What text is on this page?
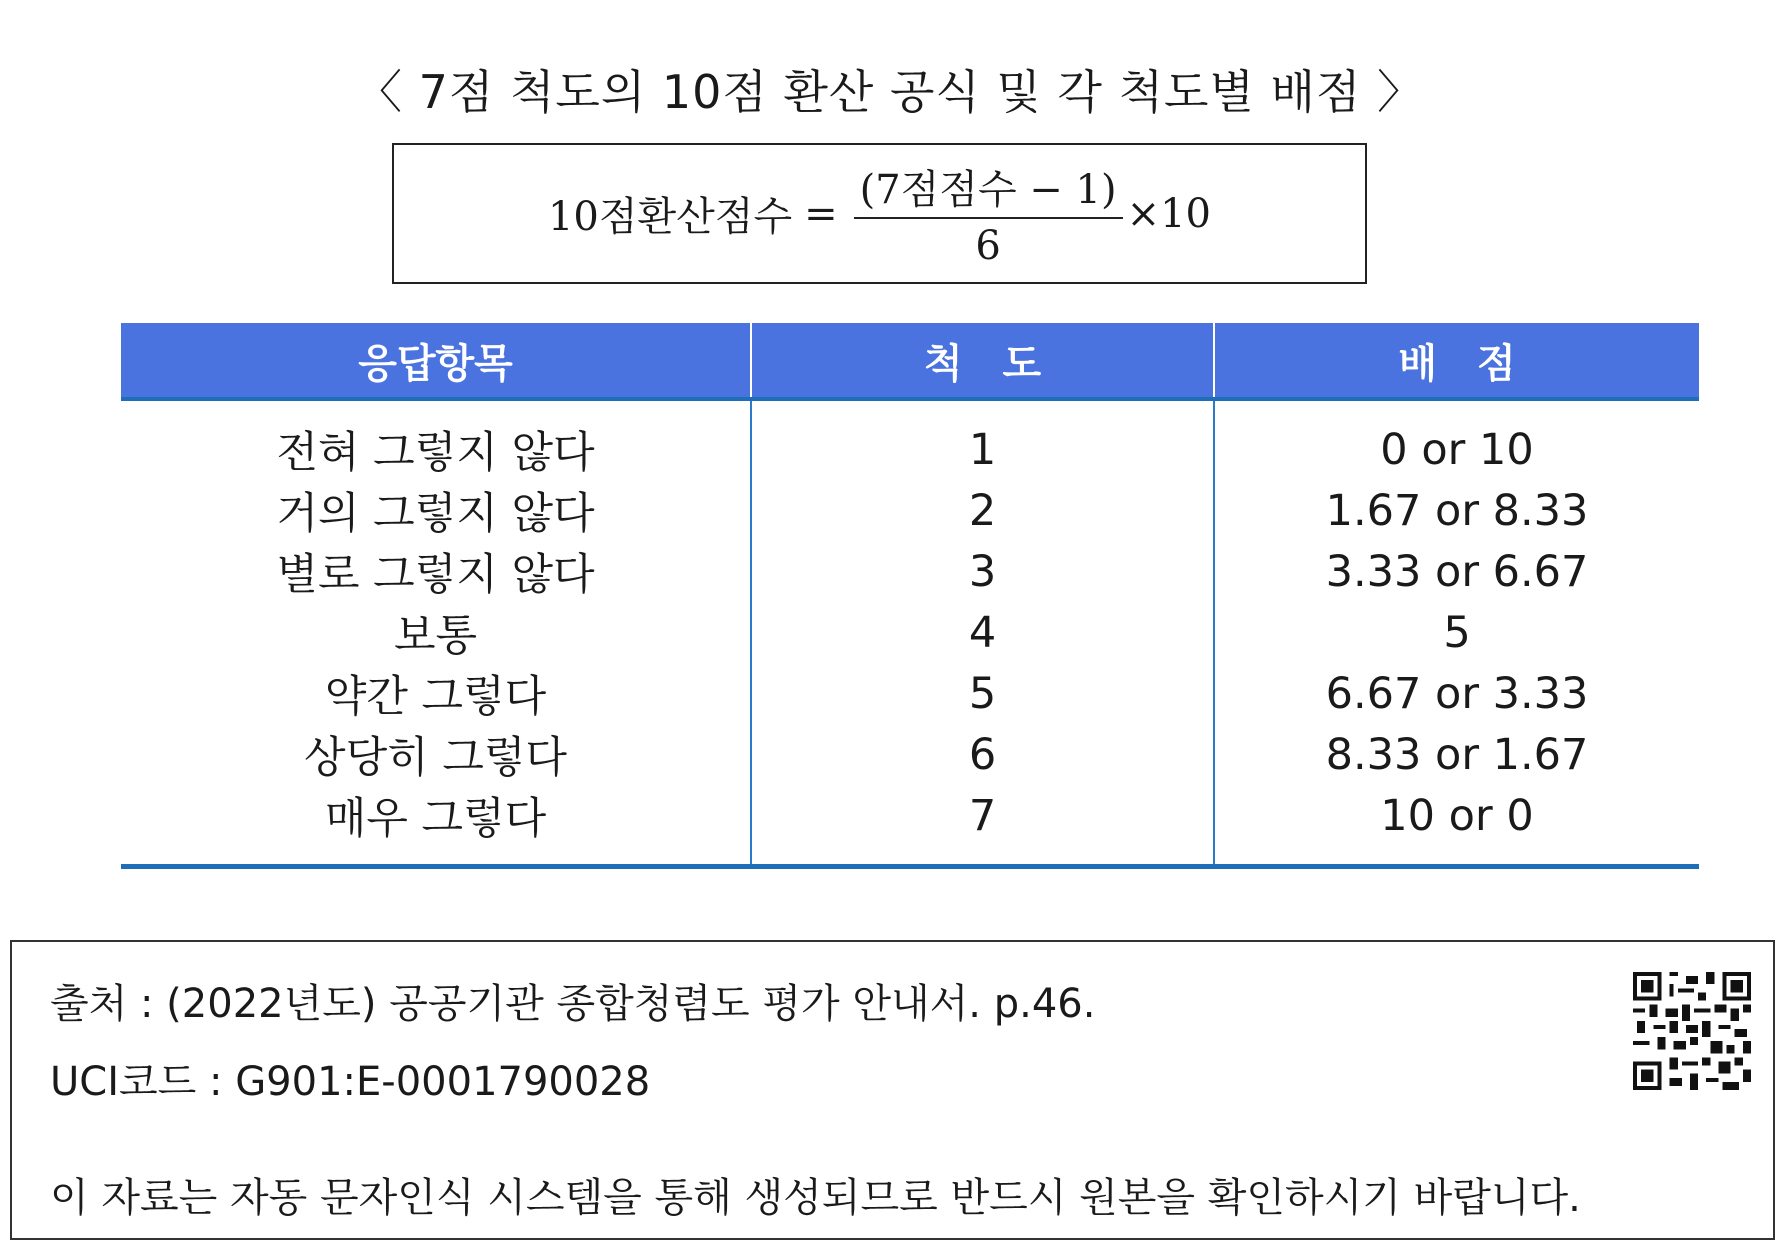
〈 7점 척도의 10점 환산 공식 및 각 척도별 배점 〉
10점환산점수 = $\frac{\text{(7점점수 − 1)}}{6} \times 10$
응답항목	척　도	배　점
전혀 그렇지 않다	1	0 or 10
거의 그렇지 않다	2	1.67 or 8.33
별로 그렇지 않다	3	3.33 or 6.67
보통	4	5
약간 그렇다	5	6.67 or 3.33
상당히 그렇다	6	8.33 or 1.67
매우 그렇다	7	10 or 0
출처 : (2022년도) 공공기관 종합청렴도 평가 안내서. p.46.
UCI코드 : G901:E-0001790028
이 자료는 자동 문자인식 시스템을 통해 생성되므로 반드시 원본을 확인하시기 바랍니다.
